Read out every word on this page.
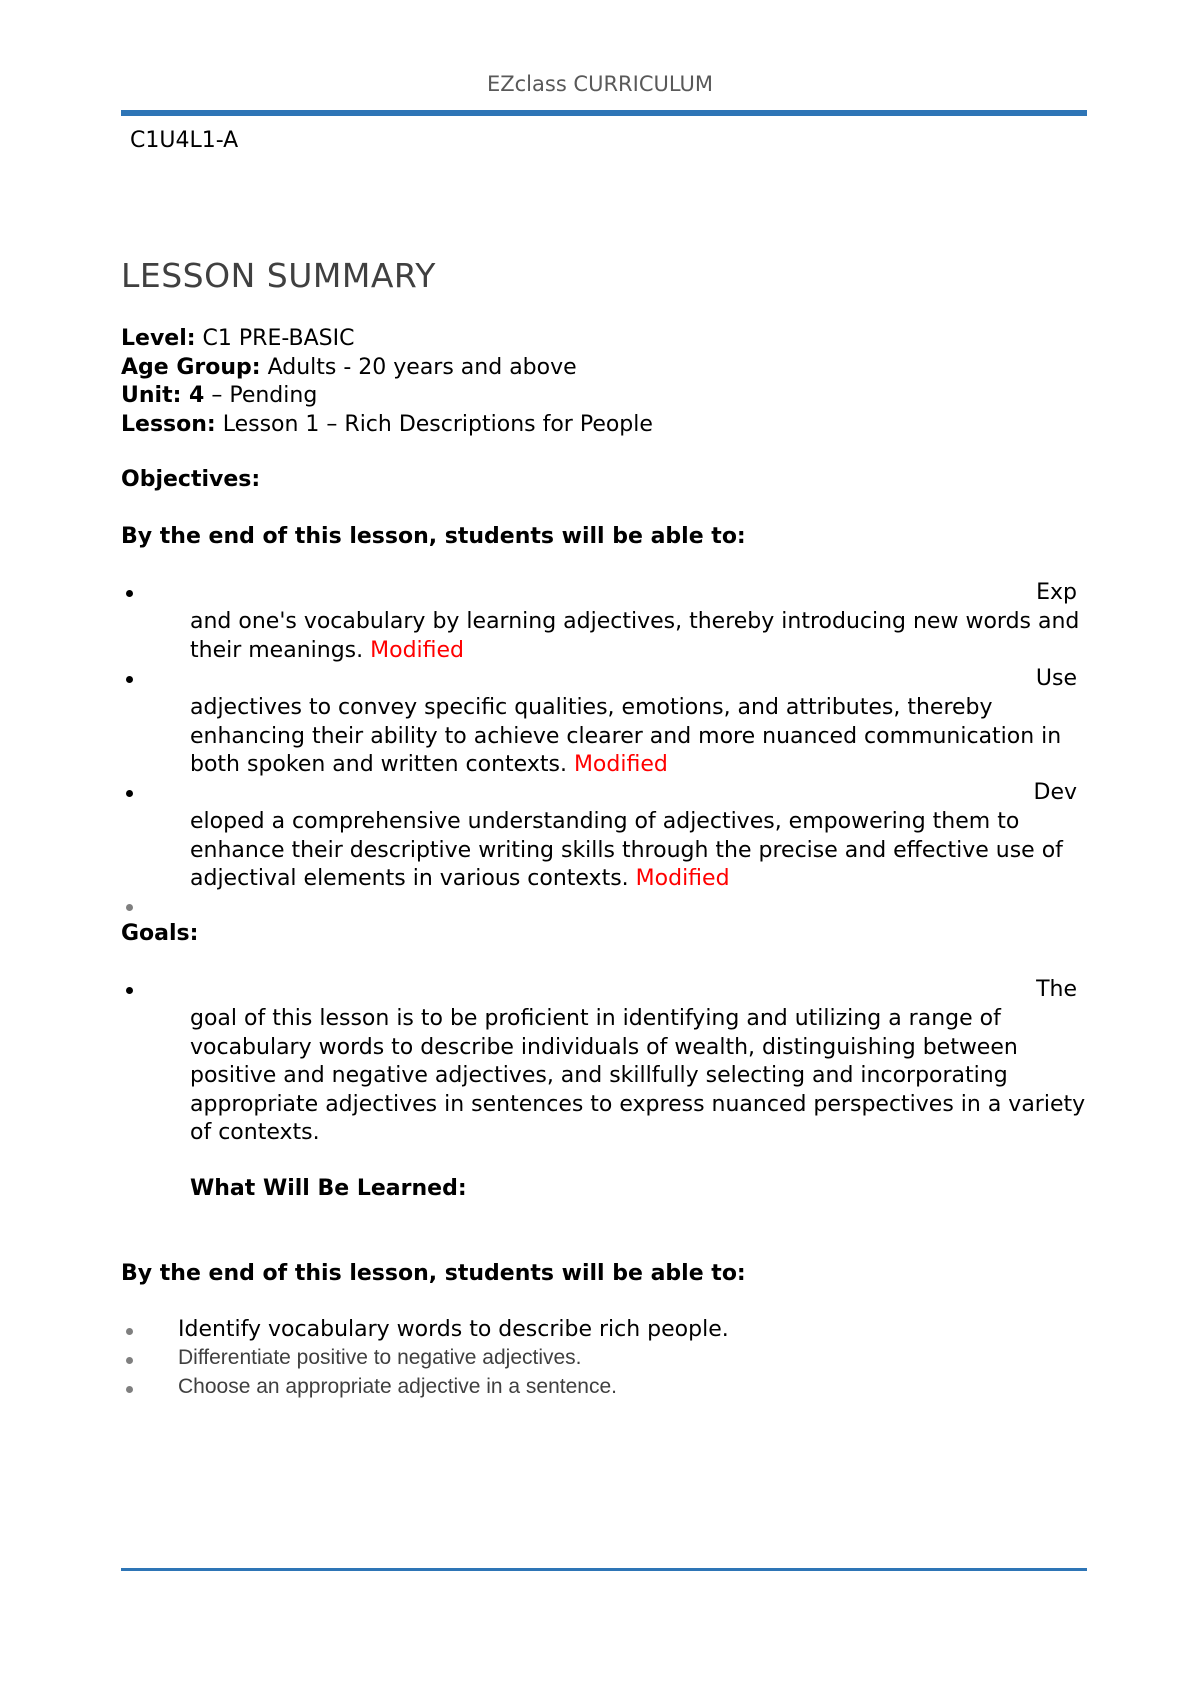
EZclass CURRICULUM
C1U4L1-A
LESSON SUMMARY
Level: C1 PRE-BASIC
Age Group: Adults - 20 years and above
Unit: 4 – Pending
Lesson: Lesson 1 – Rich Descriptions for People
Objectives:
By the end of this lesson, students will be able to:
Exp
and one's vocabulary by learning adjectives, thereby introducing new words and their meanings. Modified
Use
adjectives to convey specific qualities, emotions, and attributes, thereby enhancing their ability to achieve clearer and more nuanced communication in both spoken and written contexts. Modified
Dev
eloped a comprehensive understanding of adjectives, empowering them to enhance their descriptive writing skills through the precise and effective use of adjectival elements in various contexts. Modified
Goals:
The
goal of this lesson is to be proficient in identifying and utilizing a range of vocabulary words to describe individuals of wealth, distinguishing between positive and negative adjectives, and skillfully selecting and incorporating appropriate adjectives in sentences to express nuanced perspectives in a variety of contexts.
What Will Be Learned:
By the end of this lesson, students will be able to:
Identify vocabulary words to describe rich people.
Differentiate positive to negative adjectives.
Choose an appropriate adjective in a sentence.
